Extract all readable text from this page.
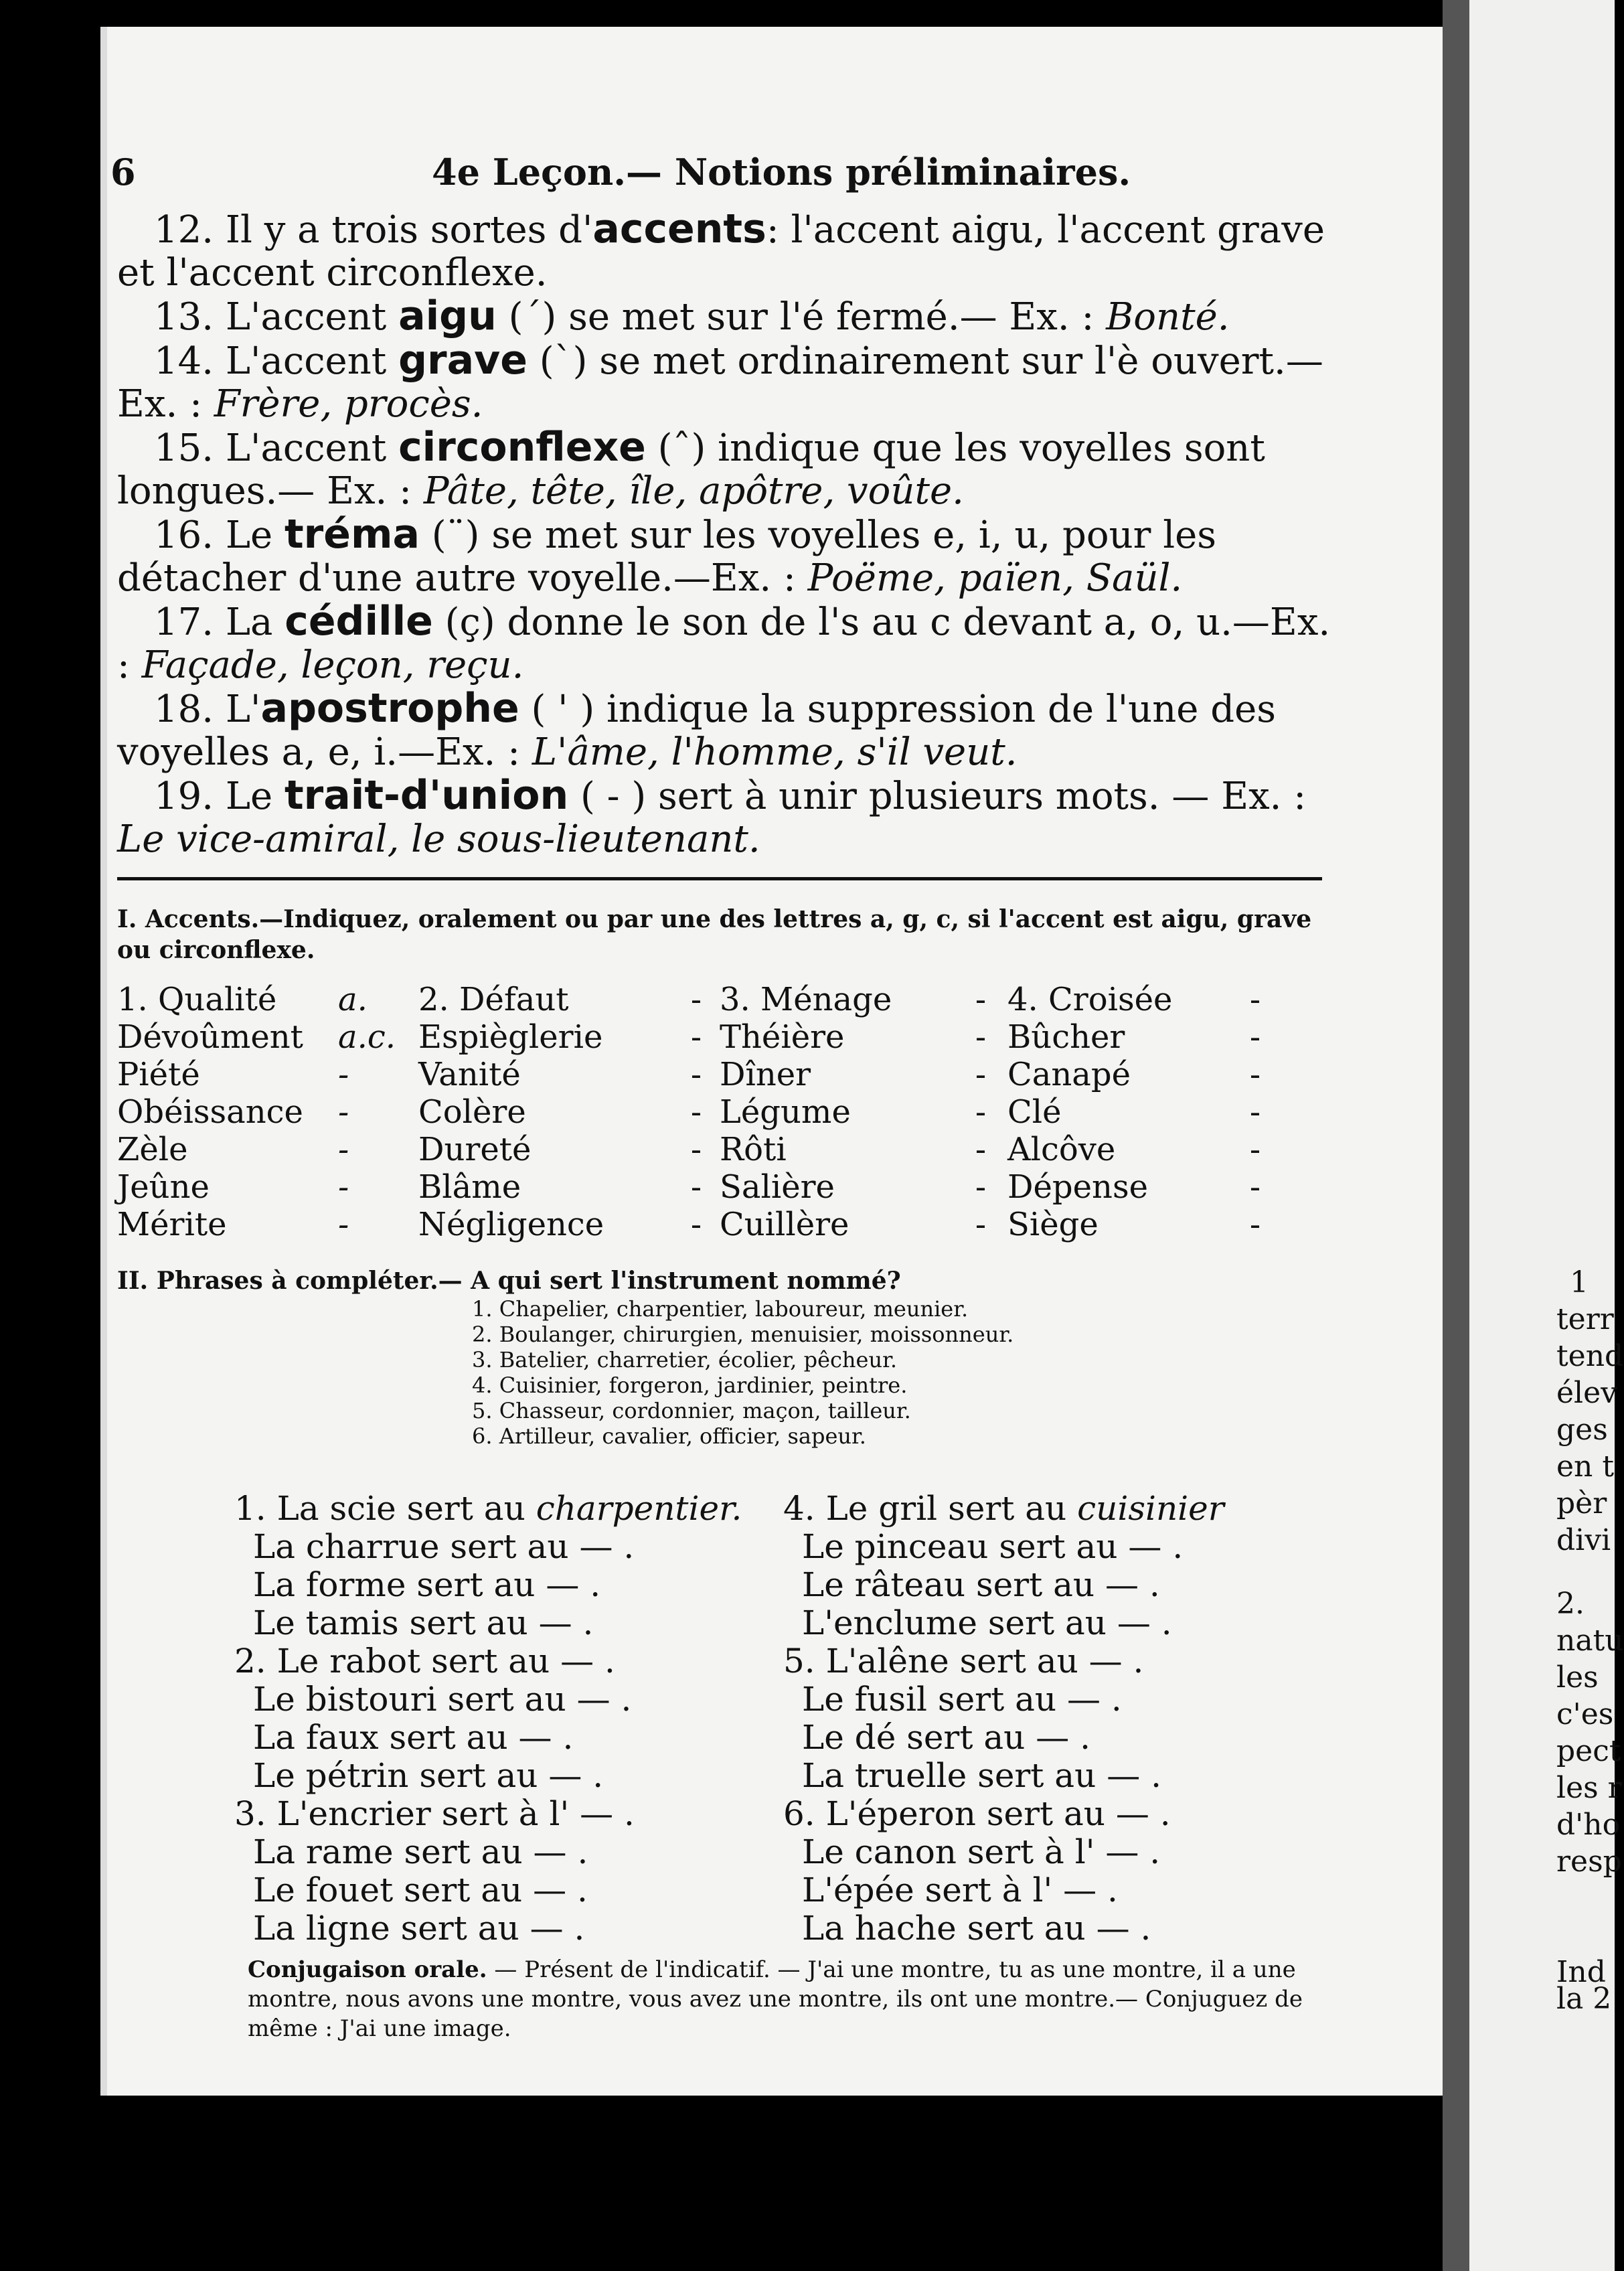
1
terr
tend
élev
ges
en t
pèr
divi
2.
natu
les
c'es
pect
les r
d'ho
resp
Ind
la 2
6	4e Leçon.— Notions préliminaires.

12. Il y a trois sortes d'accents: l'accent aigu, l'accent grave et l'accent circonflexe.

13. L'accent aigu (´) se met sur l'é fermé.— Ex. : Bonté.

14. L'accent grave (`) se met ordinairement sur l'è ouvert.—Ex. : Frère, procès.

15. L'accent circonflexe (ˆ) indique que les voyelles sont longues.— Ex. : Pâte, tête, île, apôtre, voûte.

16. Le tréma (¨) se met sur les voyelles e, i, u, pour les détacher d'une autre voyelle.—Ex. : Poëme, païen, Saül.

17. La cédille (ç) donne le son de l's au c devant a, o, u.—Ex. : Façade, leçon, reçu.

18. L'apostrophe ( ' ) indique la suppression de l'une des voyelles a, e, i.—Ex. : L'âme, l'homme, s'il veut.

19. Le trait-d'union ( - ) sert à unir plusieurs mots. — Ex. : Le vice-amiral, le sous-lieutenant.

I. Accents.—Indiquez, oralement ou par une des lettres a, g, c, si l'accent est aigu, grave ou circonflexe.
1. Qualité	a.	2. Défaut	- 3. Ménage	- 4. Croisée	-
Dévoûment	a.c. Espièglerie	- Théière	- Bûcher	-
Piété	-	Vanité	- Dîner	- Canapé	-
Obéissance	-	Colère	- Légume	- Clé	-
Zèle	-	Dureté	- Rôti	- Alcôve	-
Jeûne	-	Blâme	- Salière	- Dépense	-
Mérite	-	Négligence	- Cuillère	- Siège	-
II. Phrases à compléter.— A qui sert l'instrument nommé?
1. Chapelier, charpentier, laboureur, meunier.
2. Boulanger, chirurgien, menuisier, moissonneur.
3. Batelier, charretier, écolier, pêcheur.
4. Cuisinier, forgeron, jardinier, peintre.
5. Chasseur, cordonnier, maçon, tailleur.
6. Artilleur, cavalier, officier, sapeur.
1. La scie sert au charpentier.
La charrue sert au — .
La forme sert au — .
Le tamis sert au — .
2. Le rabot sert au — .
Le bistouri sert au — .
La faux sert au — .
Le pétrin sert au — .
3. L'encrier sert à l' — .
La rame sert au — .
Le fouet sert au — .
La ligne sert au — .
4. Le gril sert au cuisinier
Le pinceau sert au — .
Le râteau sert au — .
L'enclume sert au — .
5. L'alêne sert au — .
Le fusil sert au — .
Le dé sert au — .
La truelle sert au — .
6. L'éperon sert au — .
Le canon sert à l' — .
L'épée sert à l' — .
La hache sert au — .
Conjugaison orale. — Présent de l'indicatif. — J'ai une montre, tu as une montre, il a une montre, nous avons une montre, vous avez une montre, ils ont une montre.— Conjuguez de même : J'ai une image.
